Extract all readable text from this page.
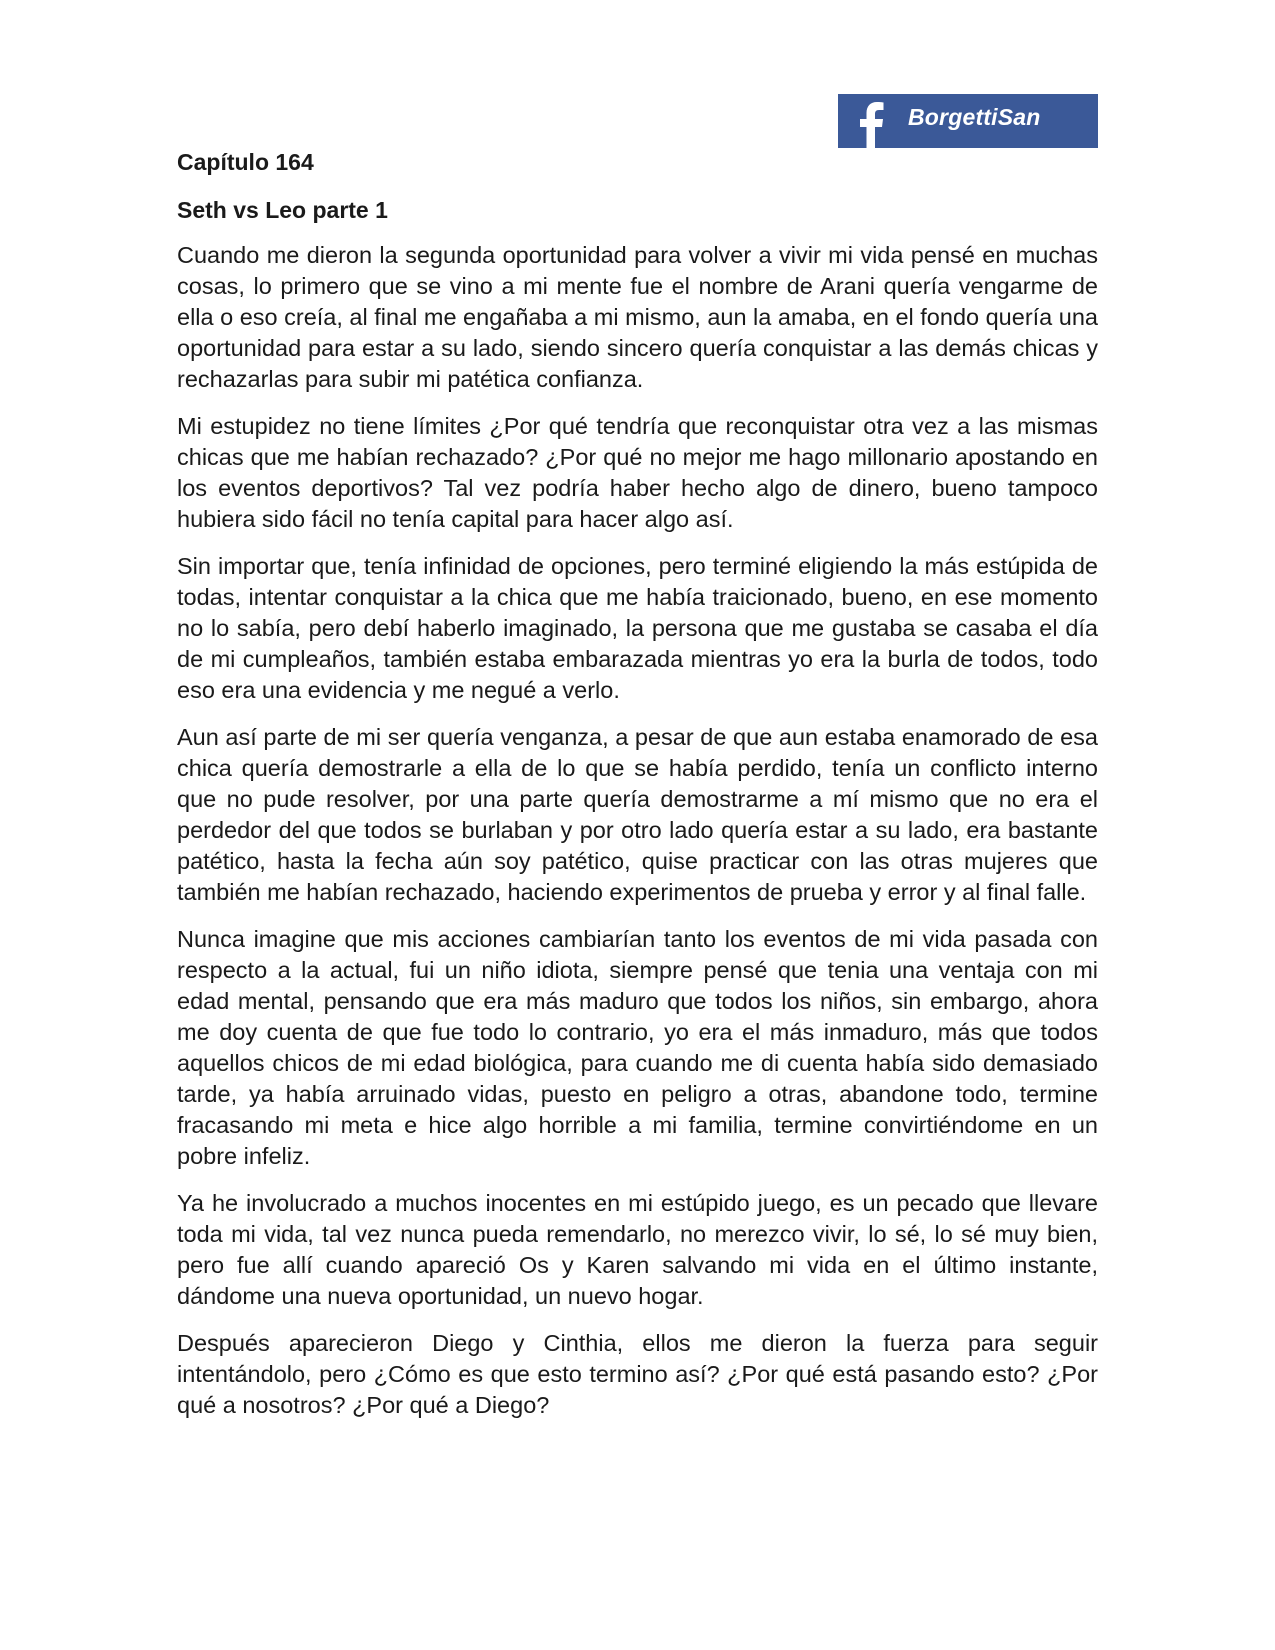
BorgettiSan

Capítulo 164

Seth vs Leo parte 1

Cuando me dieron la segunda oportunidad para volver a vivir mi vida pensé en muchas cosas, lo primero que se vino a mi mente fue el nombre de Arani quería vengarme de ella o eso creía, al final me engañaba a mi mismo, aun la amaba, en el fondo quería una oportunidad para estar a su lado, siendo sincero quería conquistar a las demás chicas y rechazarlas para subir mi patética confianza.

Mi estupidez no tiene límites ¿Por qué tendría que reconquistar otra vez a las mismas chicas que me habían rechazado? ¿Por qué no mejor me hago millonario apostando en los eventos deportivos? Tal vez podría haber hecho algo de dinero, bueno tampoco hubiera sido fácil no tenía capital para hacer algo así.

Sin importar que, tenía infinidad de opciones, pero terminé eligiendo la más estúpida de todas, intentar conquistar a la chica que me había traicionado, bueno, en ese momento no lo sabía, pero debí haberlo imaginado, la persona que me gustaba se casaba el día de mi cumpleaños, también estaba embarazada mientras yo era la burla de todos, todo eso era una evidencia y me negué a verlo.

Aun así parte de mi ser quería venganza, a pesar de que aun estaba enamorado de esa chica quería demostrarle a ella de lo que se había perdido, tenía un conflicto interno que no pude resolver, por una parte quería demostrarme a mí mismo que no era el perdedor del que todos se burlaban y por otro lado quería estar a su lado, era bastante patético, hasta la fecha aún soy patético, quise practicar con las otras mujeres que también me habían rechazado, haciendo experimentos de prueba y error y al final falle.

Nunca imagine que mis acciones cambiarían tanto los eventos de mi vida pasada con respecto a la actual, fui un niño idiota, siempre pensé que tenia una ventaja con mi edad mental, pensando que era más maduro que todos los niños, sin embargo, ahora me doy cuenta de que fue todo lo contrario, yo era el más inmaduro, más que todos aquellos chicos de mi edad biológica, para cuando me di cuenta había sido demasiado tarde, ya había arruinado vidas, puesto en peligro a otras, abandone todo, termine fracasando mi meta e hice algo horrible a mi familia, termine convirtiéndome en un pobre infeliz.

Ya he involucrado a muchos inocentes en mi estúpido juego, es un pecado que llevare toda mi vida, tal vez nunca pueda remendarlo, no merezco vivir, lo sé, lo sé muy bien, pero fue allí cuando apareció Os y Karen salvando mi vida en el último instante, dándome una nueva oportunidad, un nuevo hogar.

Después aparecieron Diego y Cinthia, ellos me dieron la fuerza para seguir intentándolo, pero ¿Cómo es que esto termino así? ¿Por qué está pasando esto? ¿Por qué a nosotros? ¿Por qué a Diego?
